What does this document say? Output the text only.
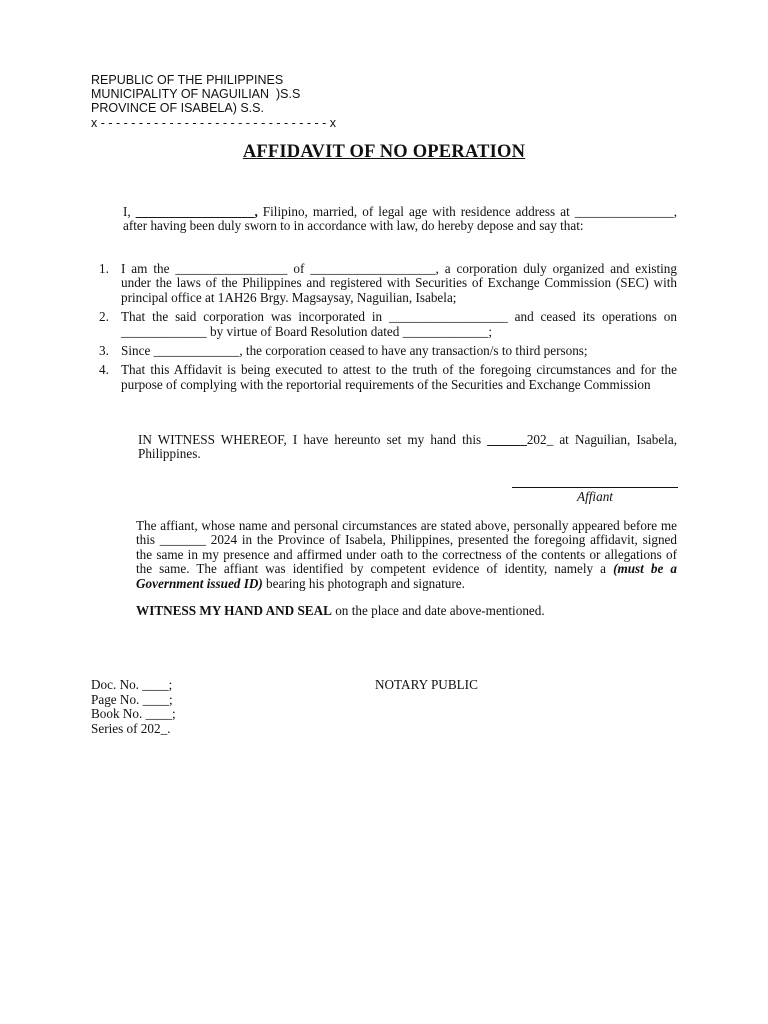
REPUBLIC OF THE PHILIPPINES
MUNICIPALITY OF NAGUILIAN  )S.S
PROVINCE OF ISABELA) S.S.
x - - - - - - - - - - - - - - - - - - - - - - - - - - - - - - x
AFFIDAVIT OF NO OPERATION
I, __________________, Filipino, married, of legal age with residence address at _______________, after having been duly sworn to in accordance with law, do hereby depose and say that:
1. I am the _________________ of ___________________, a corporation duly organized and existing under the laws of the Philippines and registered with Securities of Exchange Commission (SEC) with principal office at 1AH26 Brgy. Magsaysay, Naguilian, Isabela;
2. That the said corporation was incorporated in __________________ and ceased its operations on _____________ by virtue of Board Resolution dated _____________;
3. Since _____________, the corporation ceased to have any transaction/s to third persons;
4. That this Affidavit is being executed to attest to the truth of the foregoing circumstances and for the purpose of complying with the reportorial requirements of the Securities and Exchange Commission
IN WITNESS WHEREOF, I have hereunto set my hand this ______202_ at Naguilian, Isabela, Philippines.
Affiant
The affiant, whose name and personal circumstances are stated above, personally appeared before me this _______ 2024 in the Province of Isabela, Philippines, presented the foregoing affidavit, signed the same in my presence and affirmed under oath to the correctness of the contents or allegations of the same. The affiant was identified by competent evidence of identity, namely a (must be a Government issued ID) bearing his photograph and signature.
WITNESS MY HAND AND SEAL on the place and date above-mentioned.
Doc. No. ____;
Page No. ____;
Book No. ____;
Series of 202_.
NOTARY PUBLIC
